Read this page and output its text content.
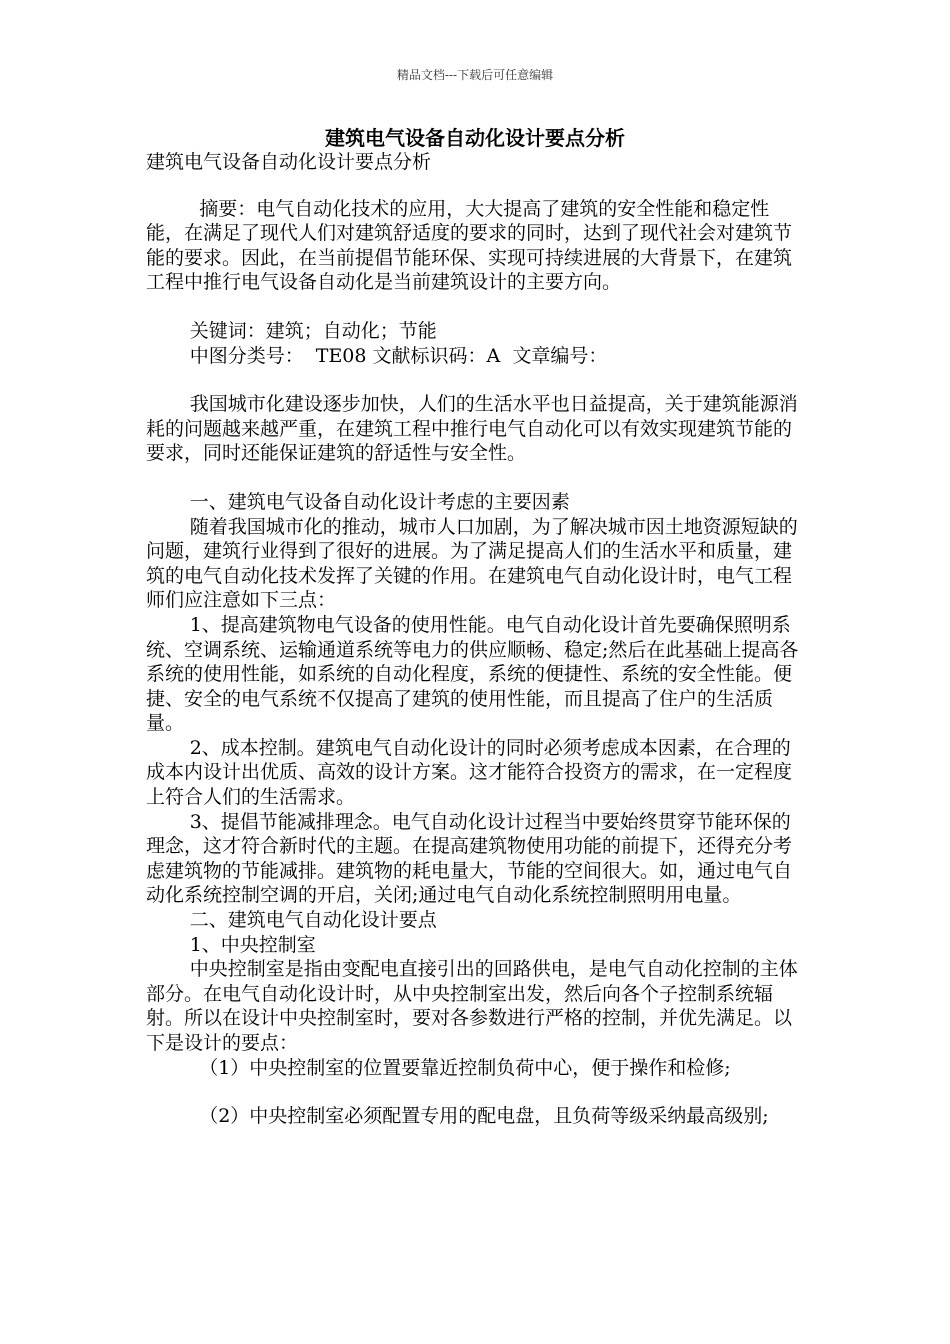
精品文档---下载后可任意编辑
建筑电气设备自动化设计要点分析

建筑电气设备自动化设计要点分析

摘要：电气自动化技术的应用，大大提高了建筑的安全性能和稳定性能，在满足了现代人们对建筑舒适度的要求的同时，达到了现代社会对建筑节能的要求。因此，在当前提倡节能环保、实现可持续进展的大背景下，在建筑工程中推行电气设备自动化是当前建筑设计的主要方向。

关键词：建筑；自动化；节能

中图分类号：  TE08 文献标识码：A  文章编号：

我国城市化建设逐步加快，人们的生活水平也日益提高，关于建筑能源消耗的问题越来越严重，在建筑工程中推行电气自动化可以有效实现建筑节能的要求，同时还能保证建筑的舒适性与安全性。

一、建筑电气设备自动化设计考虑的主要因素

随着我国城市化的推动，城市人口加剧，为了解决城市因土地资源短缺的问题，建筑行业得到了很好的进展。为了满足提高人们的生活水平和质量，建筑的电气自动化技术发挥了关键的作用。在建筑电气自动化设计时，电气工程师们应注意如下三点：

1、提高建筑物电气设备的使用性能。电气自动化设计首先要确保照明系统、空调系统、运输通道系统等电力的供应顺畅、稳定;然后在此基础上提高各系统的使用性能，如系统的自动化程度，系统的便捷性、系统的安全性能。便捷、安全的电气系统不仅提高了建筑的使用性能，而且提高了住户的生活质量。

2、成本控制。建筑电气自动化设计的同时必须考虑成本因素，在合理的成本内设计出优质、高效的设计方案。这才能符合投资方的需求，在一定程度上符合人们的生活需求。

3、提倡节能减排理念。电气自动化设计过程当中要始终贯穿节能环保的理念，这才符合新时代的主题。在提高建筑物使用功能的前提下，还得充分考虑建筑物的节能减排。建筑物的耗电量大，节能的空间很大。如，通过电气自动化系统控制空调的开启，关闭;通过电气自动化系统控制照明用电量。

二、建筑电气自动化设计要点

1、中央控制室

中央控制室是指由变配电直接引出的回路供电，是电气自动化控制的主体部分。在电气自动化设计时，从中央控制室出发，然后向各个子控制系统辐射。所以在设计中央控制室时，要对各参数进行严格的控制，并优先满足。以下是设计的要点：

（1）中央控制室的位置要靠近控制负荷中心，便于操作和检修;

（2）中央控制室必须配置专用的配电盘，且负荷等级采纳最高级别;
